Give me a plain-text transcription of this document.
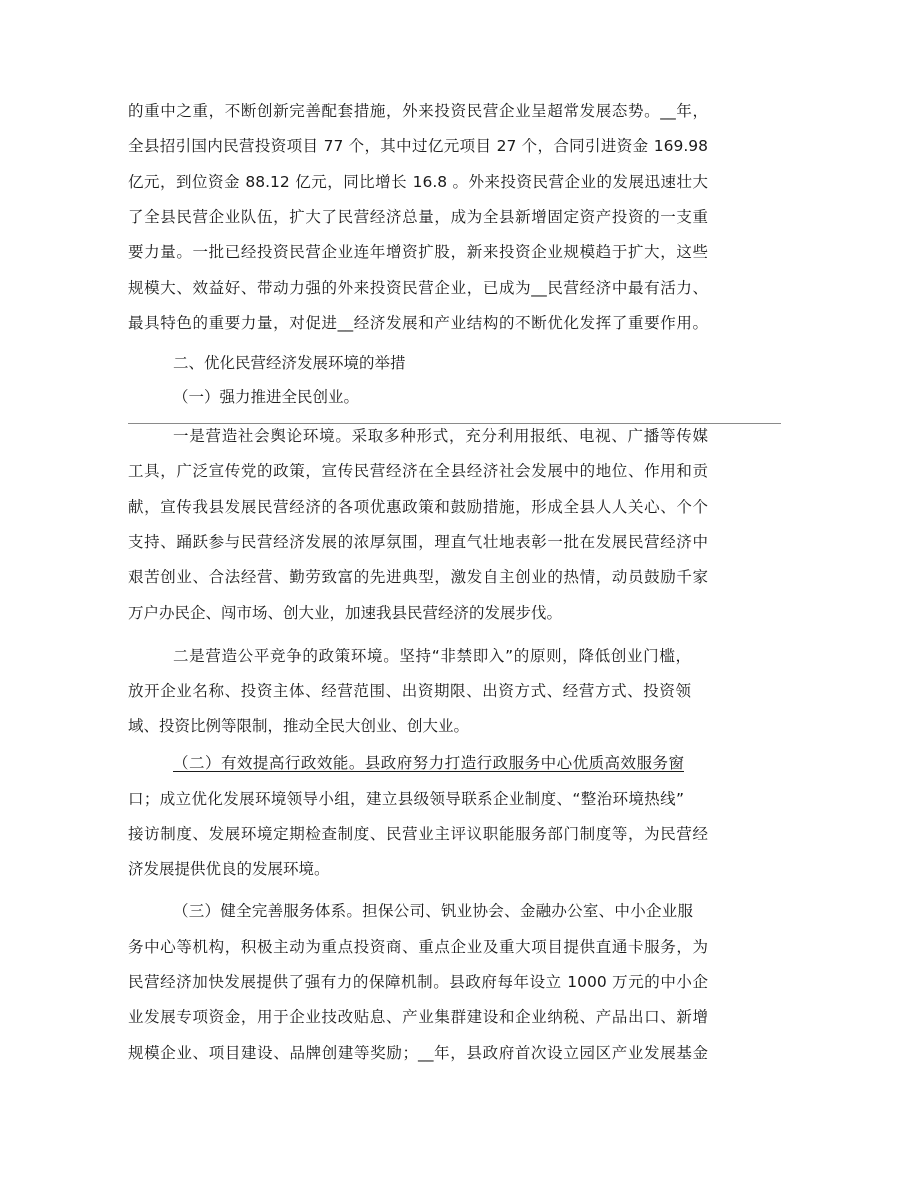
的重中之重，不断创新完善配套措施，外来投资民营企业呈超常发展态势。__年，
全县招引国内民营投资项目 77 个，其中过亿元项目 27 个，合同引进资金 169.98
亿元，到位资金 88.12 亿元，同比增长 16.8 。外来投资民营企业的发展迅速壮大
了全县民营企业队伍，扩大了民营经济总量，成为全县新增固定资产投资的一支重
要力量。一批已经投资民营企业连年增资扩股，新来投资企业规模趋于扩大，这些
规模大、效益好、带动力强的外来投资民营企业，已成为__民营经济中最有活力、
最具特色的重要力量，对促进__经济发展和产业结构的不断优化发挥了重要作用。
二、优化民营经济发展环境的举措
（一）强力推进全民创业。
一是营造社会舆论环境。采取多种形式，充分利用报纸、电视、广播等传媒
工具，广泛宣传党的政策，宣传民营经济在全县经济社会发展中的地位、作用和贡
献，宣传我县发展民营经济的各项优惠政策和鼓励措施，形成全县人人关心、个个
支持、踊跃参与民营经济发展的浓厚氛围，理直气壮地表彰一批在发展民营经济中
艰苦创业、合法经营、勤劳致富的先进典型，激发自主创业的热情，动员鼓励千家
万户办民企、闯市场、创大业，加速我县民营经济的发展步伐。
二是营造公平竞争的政策环境。坚持“非禁即入”的原则，降低创业门槛，
放开企业名称、投资主体、经营范围、出资期限、出资方式、经营方式、投资领
域、投资比例等限制，推动全民大创业、创大业。
（二）有效提高行政效能。县政府努力打造行政服务中心优质高效服务窗
口；成立优化发展环境领导小组，建立县级领导联系企业制度、“整治环境热线”
接访制度、发展环境定期检查制度、民营业主评议职能服务部门制度等，为民营经
济发展提供优良的发展环境。
（三）健全完善服务体系。担保公司、钒业协会、金融办公室、中小企业服
务中心等机构，积极主动为重点投资商、重点企业及重大项目提供直通卡服务，为
民营经济加快发展提供了强有力的保障机制。县政府每年设立 1000 万元的中小企
业发展专项资金，用于企业技改贴息、产业集群建设和企业纳税、产品出口、新增
规模企业、项目建设、品牌创建等奖励；__年，县政府首次设立园区产业发展基金
